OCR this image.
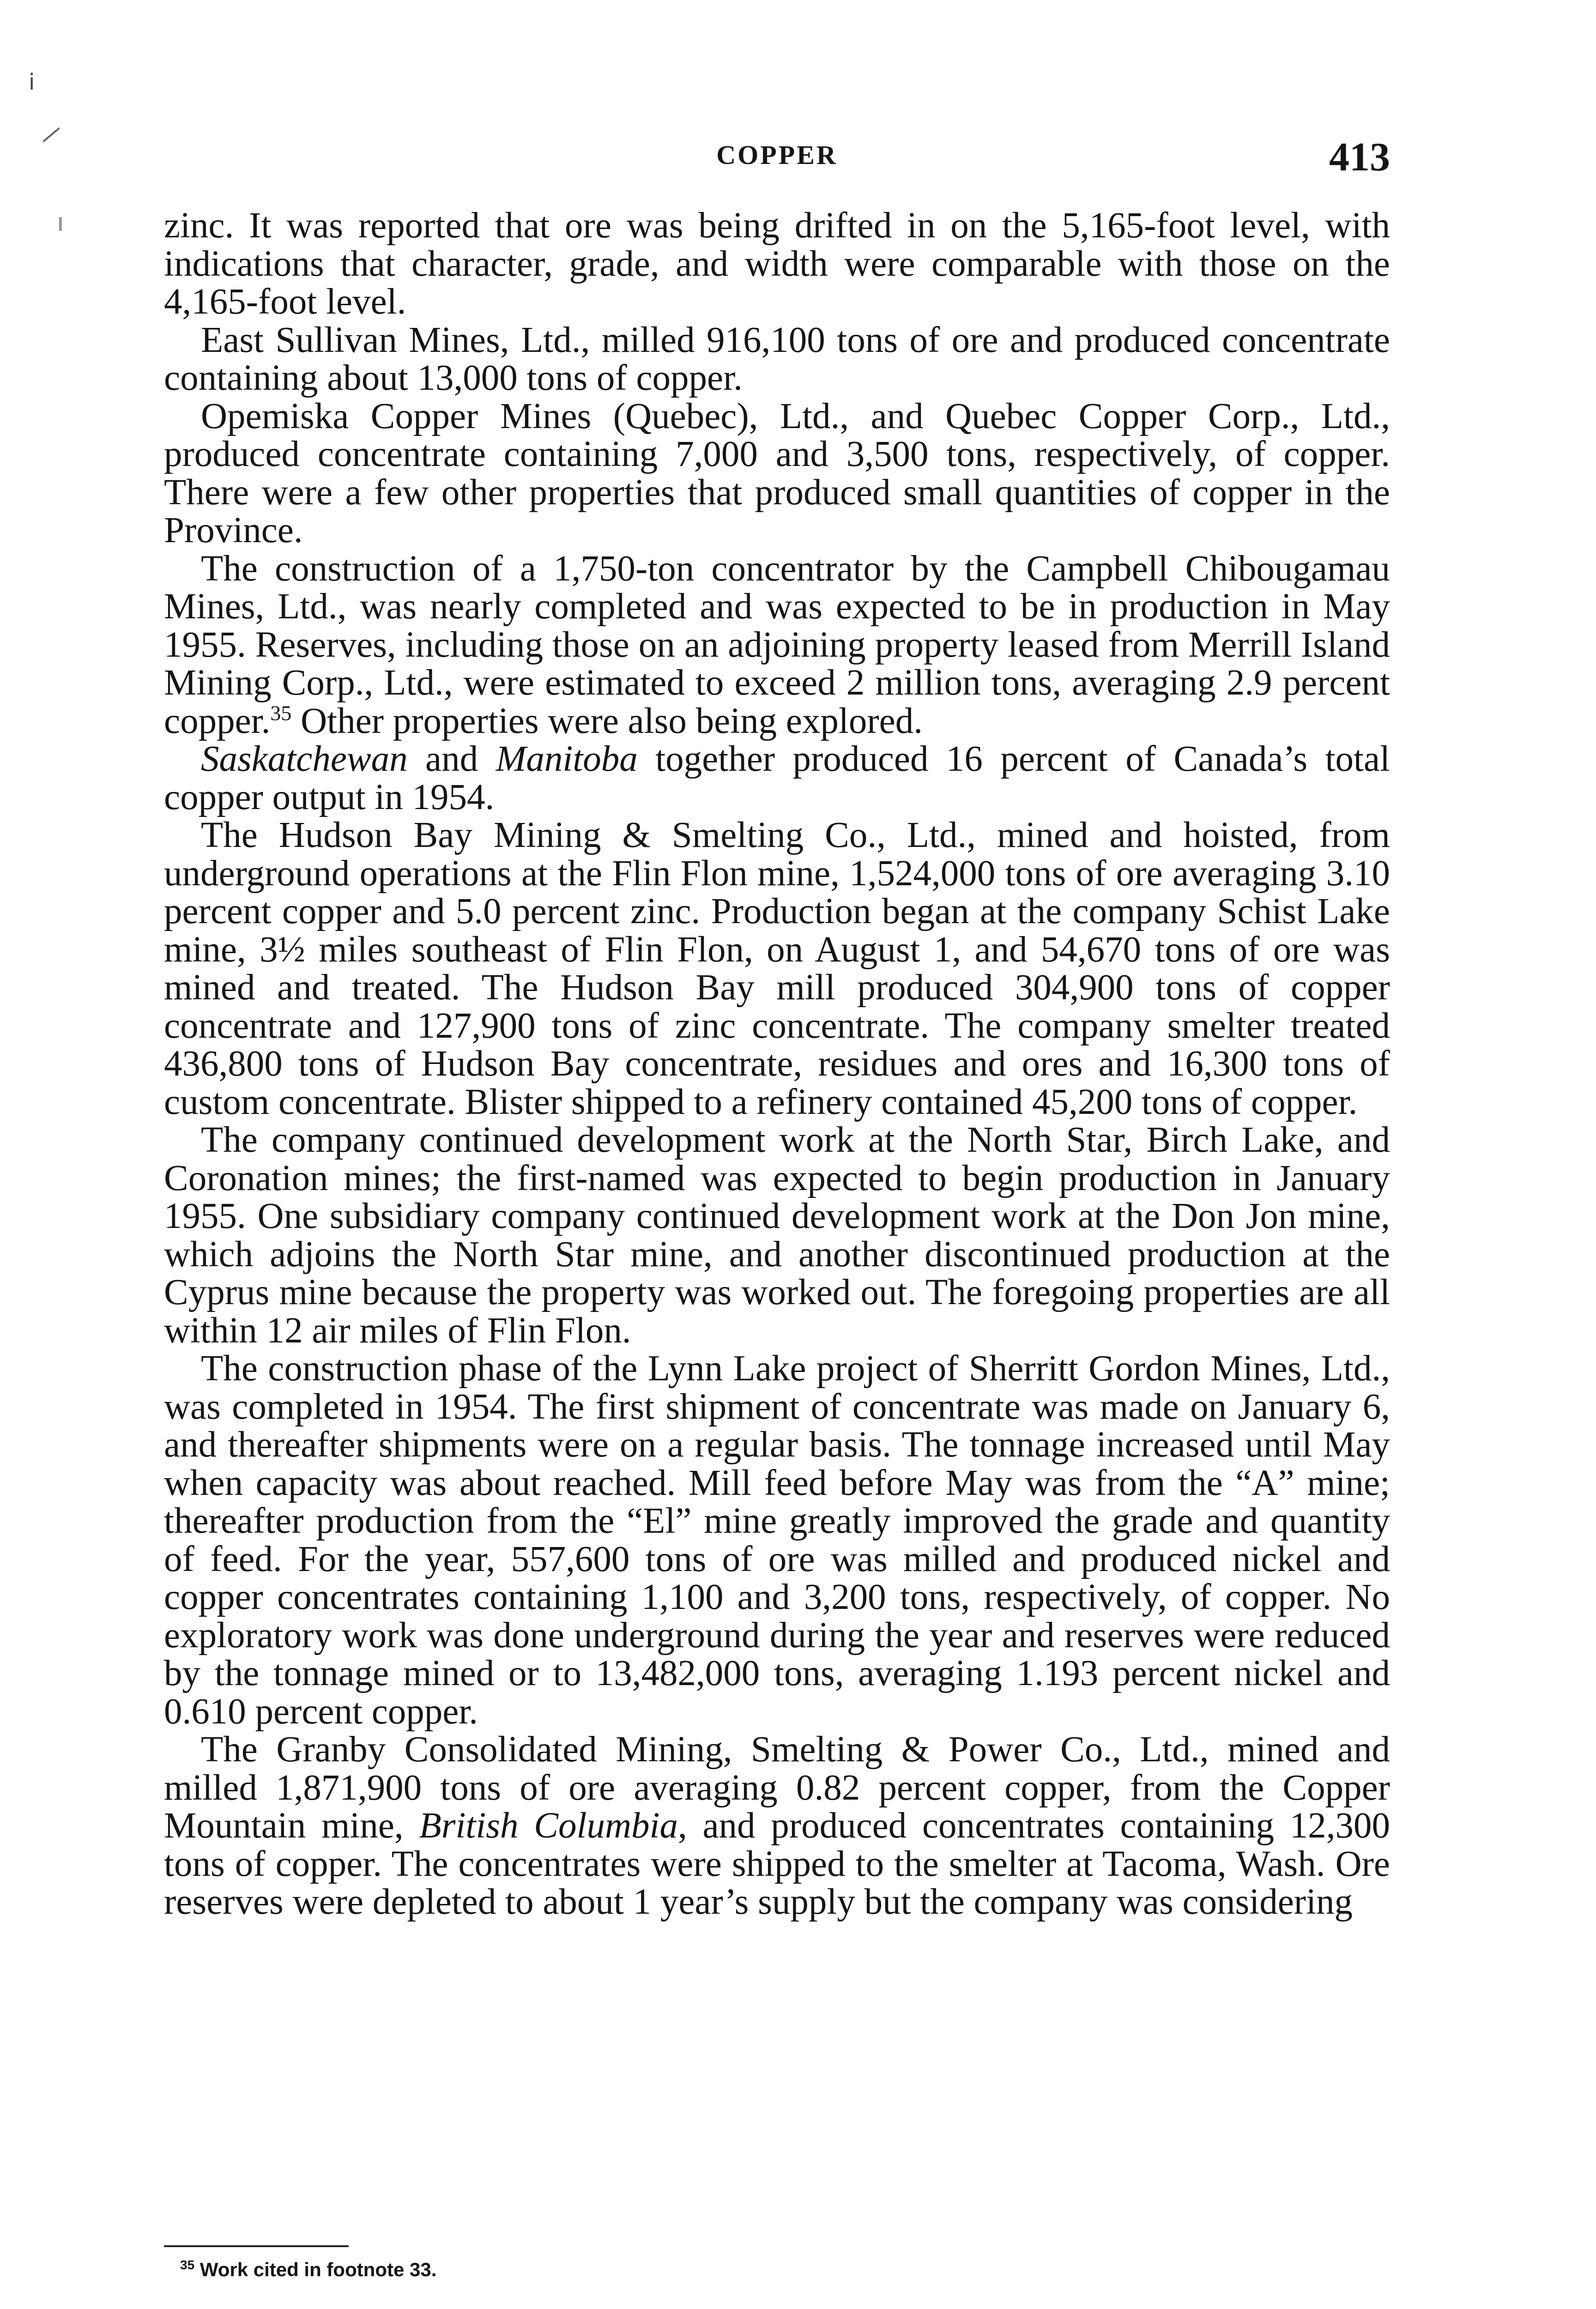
ⅰ
COPPER	413

zinc. It was reported that ore was being drifted in on the 5,165-foot level, with indications that character, grade, and width were comparable with those on the 4,165-foot level.

East Sullivan Mines, Ltd., milled 916,100 tons of ore and produced concentrate containing about 13,000 tons of copper.

Opemiska Copper Mines (Quebec), Ltd., and Quebec Copper Corp., Ltd., produced concentrate containing 7,000 and 3,500 tons, respectively, of copper. There were a few other properties that produced small quantities of copper in the Province.

The construction of a 1,750-ton concentrator by the Campbell Chibougamau Mines, Ltd., was nearly completed and was expected to be in production in May 1955. Reserves, including those on an adjoining property leased from Merrill Island Mining Corp., Ltd., were estimated to exceed 2 million tons, averaging 2.9 percent copper.$^{35}$ Other properties were also being explored.

Saskatchewan and Manitoba together produced 16 percent of Canada’s total copper output in 1954.

The Hudson Bay Mining & Smelting Co., Ltd., mined and hoisted, from underground operations at the Flin Flon mine, 1,524,000 tons of ore averaging 3.10 percent copper and 5.0 percent zinc. Production began at the company Schist Lake mine, 3½ miles southeast of Flin Flon, on August 1, and 54,670 tons of ore was mined and treated. The Hudson Bay mill produced 304,900 tons of copper concentrate and 127,900 tons of zinc concentrate. The company smelter treated 436,800 tons of Hudson Bay concentrate, residues and ores and 16,300 tons of custom concentrate. Blister shipped to a refinery contained 45,200 tons of copper.

The company continued development work at the North Star, Birch Lake, and Coronation mines; the first-named was expected to begin production in January 1955. One subsidiary company continued development work at the Don Jon mine, which adjoins the North Star mine, and another discontinued production at the Cyprus mine because the property was worked out. The foregoing properties are all within 12 air miles of Flin Flon.

The construction phase of the Lynn Lake project of Sherritt Gordon Mines, Ltd., was completed in 1954. The first shipment of concentrate was made on January 6, and thereafter shipments were on a regular basis. The tonnage increased until May when capacity was about reached. Mill feed before May was from the “A” mine; thereafter production from the “El” mine greatly improved the grade and quantity of feed. For the year, 557,600 tons of ore was milled and produced nickel and copper concentrates containing 1,100 and 3,200 tons, respectively, of copper. No exploratory work was done underground during the year and reserves were reduced by the tonnage mined or to 13,482,000 tons, averaging 1.193 percent nickel and 0.610 percent copper.

The Granby Consolidated Mining, Smelting & Power Co., Ltd., mined and milled 1,871,900 tons of ore averaging 0.82 percent copper, from the Copper Mountain mine, British Columbia, and produced concentrates containing 12,300 tons of copper. The concentrates were shipped to the smelter at Tacoma, Wash. Ore reserves were depleted to about 1 year’s supply but the company was considering

$^{35}$ Work cited in footnote 33.
